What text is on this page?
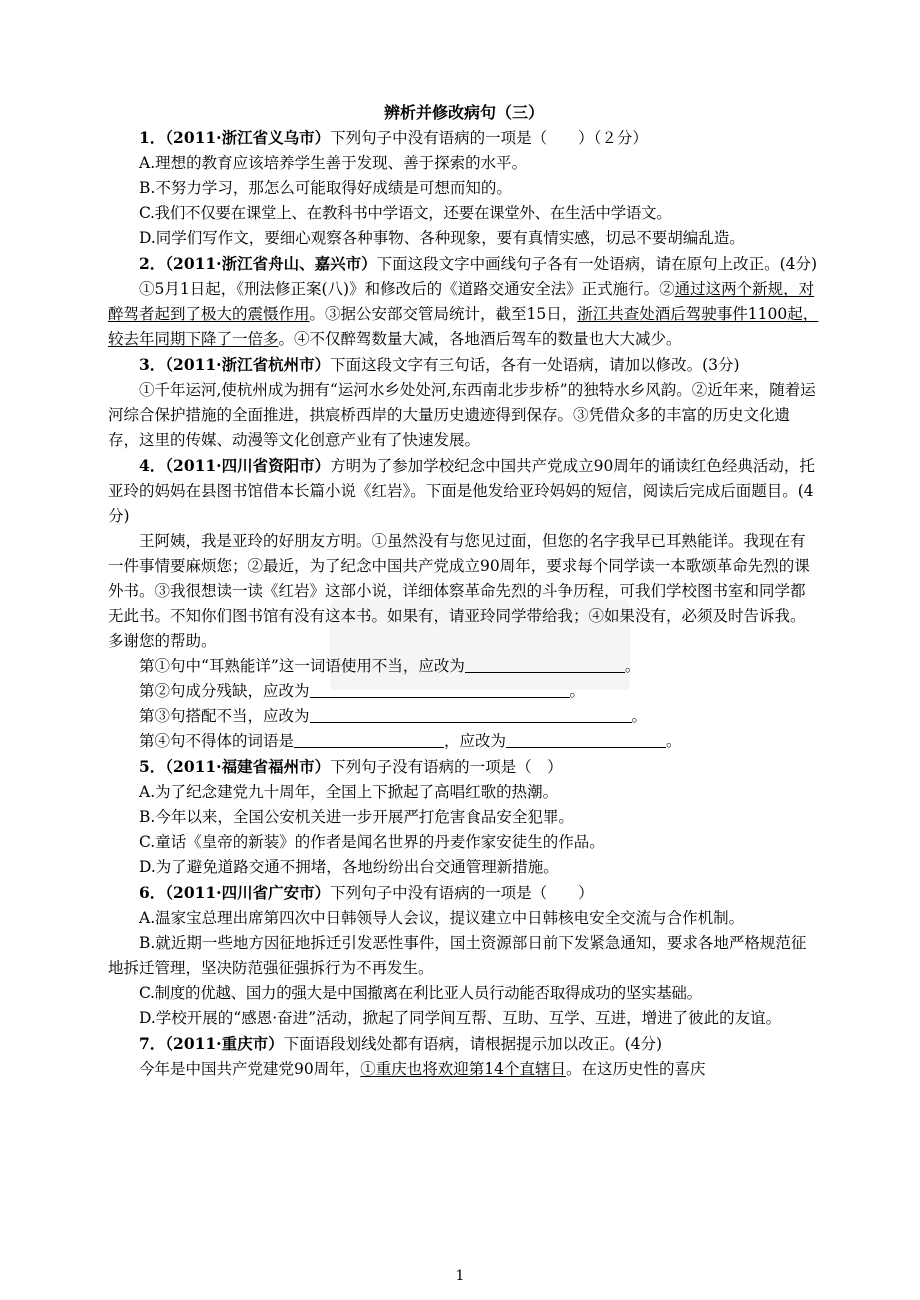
辨析并修改病句（三）

1．（2011·浙江省义乌市）下列句子中没有语病的一项是（　　）（２分）

A.理想的教育应该培养学生善于发现、善于探索的水平。

B.不努力学习，那怎么可能取得好成绩是可想而知的。

C.我们不仅要在课堂上、在教科书中学语文，还要在课堂外、在生活中学语文。

D.同学们写作文，要细心观察各种事物、各种现象，要有真情实感，切忌不要胡编乱造。

2．（2011·浙江省舟山、嘉兴市）下面这段文字中画线句子各有一处语病，请在原句上改正。(4分)

①5月1日起，《刑法修正案(八)》和修改后的《道路交通安全法》正式施行。②通过这两个新规，对醉驾者起到了极大的震慑作用。③据公安部交管局统计，截至15日，浙江共查处酒后驾驶事件1100起，较去年同期下降了一倍多。④不仅醉驾数量大减，各地酒后驾车的数量也大大减少。

3．（2011·浙江省杭州市）下面这段文字有三句话，各有一处语病，请加以修改。(3分)

①千年运河,使杭州成为拥有“运河水乡处处河,东西南北步步桥”的独特水乡风韵。②近年来，随着运河综合保护措施的全面推进，拱宸桥西岸的大量历史遗迹得到保存。③凭借众多的丰富的历史文化遗存，这里的传媒、动漫等文化创意产业有了快速发展。

4．（2011·四川省资阳市）方明为了参加学校纪念中国共产党成立90周年的诵读红色经典活动，托亚玲的妈妈在县图书馆借本长篇小说《红岩》。下面是他发给亚玲妈妈的短信，阅读后完成后面题目。(4分)

王阿姨，我是亚玲的好朋友方明。①虽然没有与您见过面，但您的名字我早已耳熟能详。我现在有一件事情要麻烦您；②最近，为了纪念中国共产党成立90周年，要求每个同学读一本歌颂革命先烈的课外书。③我很想读一读《红岩》这部小说，详细体察革命先烈的斗争历程，可我们学校图书室和同学都无此书。不知你们图书馆有没有这本书。如果有，请亚玲同学带给我；④如果没有，必须及时告诉我。多谢您的帮助。

第①句中“耳熟能详”这一词语使用不当，应改为	。

第②句成分残缺，应改为	。

第③句搭配不当，应改为	。

第④句不得体的词语是	，应改为	。

5．（2011·福建省福州市）下列句子没有语病的一项是（　）

A.为了纪念建党九十周年，全国上下掀起了高唱红歌的热潮。

B.今年以来，全国公安机关进一步开展严打危害食品安全犯罪。

C.童话《皇帝的新装》的作者是闻名世界的丹麦作家安徒生的作品。

D.为了避免道路交通不拥堵，各地纷纷出台交通管理新措施。

6．（2011·四川省广安市）下列句子中没有语病的一项是（　　）

A.温家宝总理出席第四次中日韩领导人会议，提议建立中日韩核电安全交流与合作机制。

B.就近期一些地方因征地拆迁引发恶性事件，国土资源部日前下发紧急通知，要求各地严格规范征地拆迁管理，坚决防范强征强拆行为不再发生。

C.制度的优越、国力的强大是中国撤离在利比亚人员行动能否取得成功的坚实基础。

D.学校开展的“感恩·奋进”活动，掀起了同学间互帮、互助、互学、互进，增进了彼此的友谊。

7．（2011·重庆市）下面语段划线处都有语病，请根据提示加以改正。(4分)

今年是中国共产党建党90周年，①重庆也将欢迎第14个直辖日。在这历史性的喜庆

1
